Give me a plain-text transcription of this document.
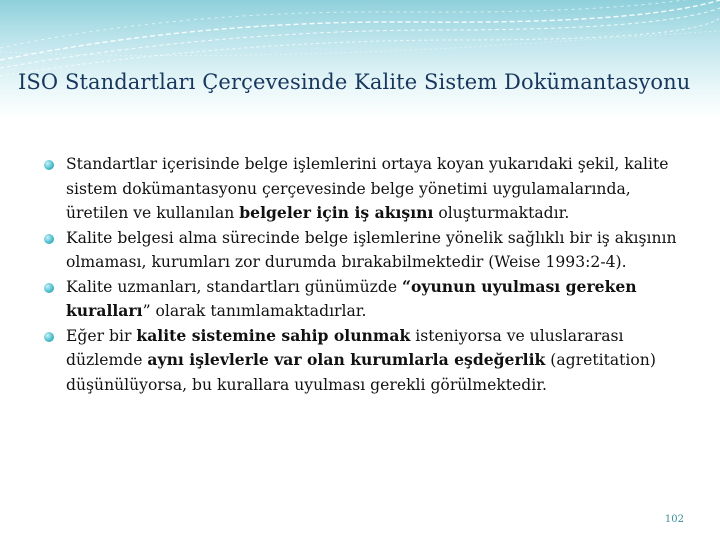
ISO Standartları Çerçevesinde Kalite Sistem Dokümantasyonu
Standartlar içerisinde belge işlemlerini ortaya koyan yukarıdaki şekil, kalite sistem dokümantasyonu çerçevesinde belge yönetimi uygulamalarında, üretilen ve kullanılan belgeler için iş akışını oluşturmaktadır.
Kalite belgesi alma sürecinde belge işlemlerine yönelik sağlıklı bir iş akışının olmaması, kurumları zor durumda bırakabilmektedir (Weise 1993:2-4).
Kalite uzmanları, standartları günümüzde “oyunun uyulması gereken kuralları” olarak tanımlamaktadırlar.
Eğer bir kalite sistemine sahip olunmak isteniyorsa ve uluslararası düzlemde aynı işlevlerle var olan kurumlarla eşdeğerlik (agretitation) düşünülüyorsa, bu kurallara uyulması gerekli görülmektedir.
102
